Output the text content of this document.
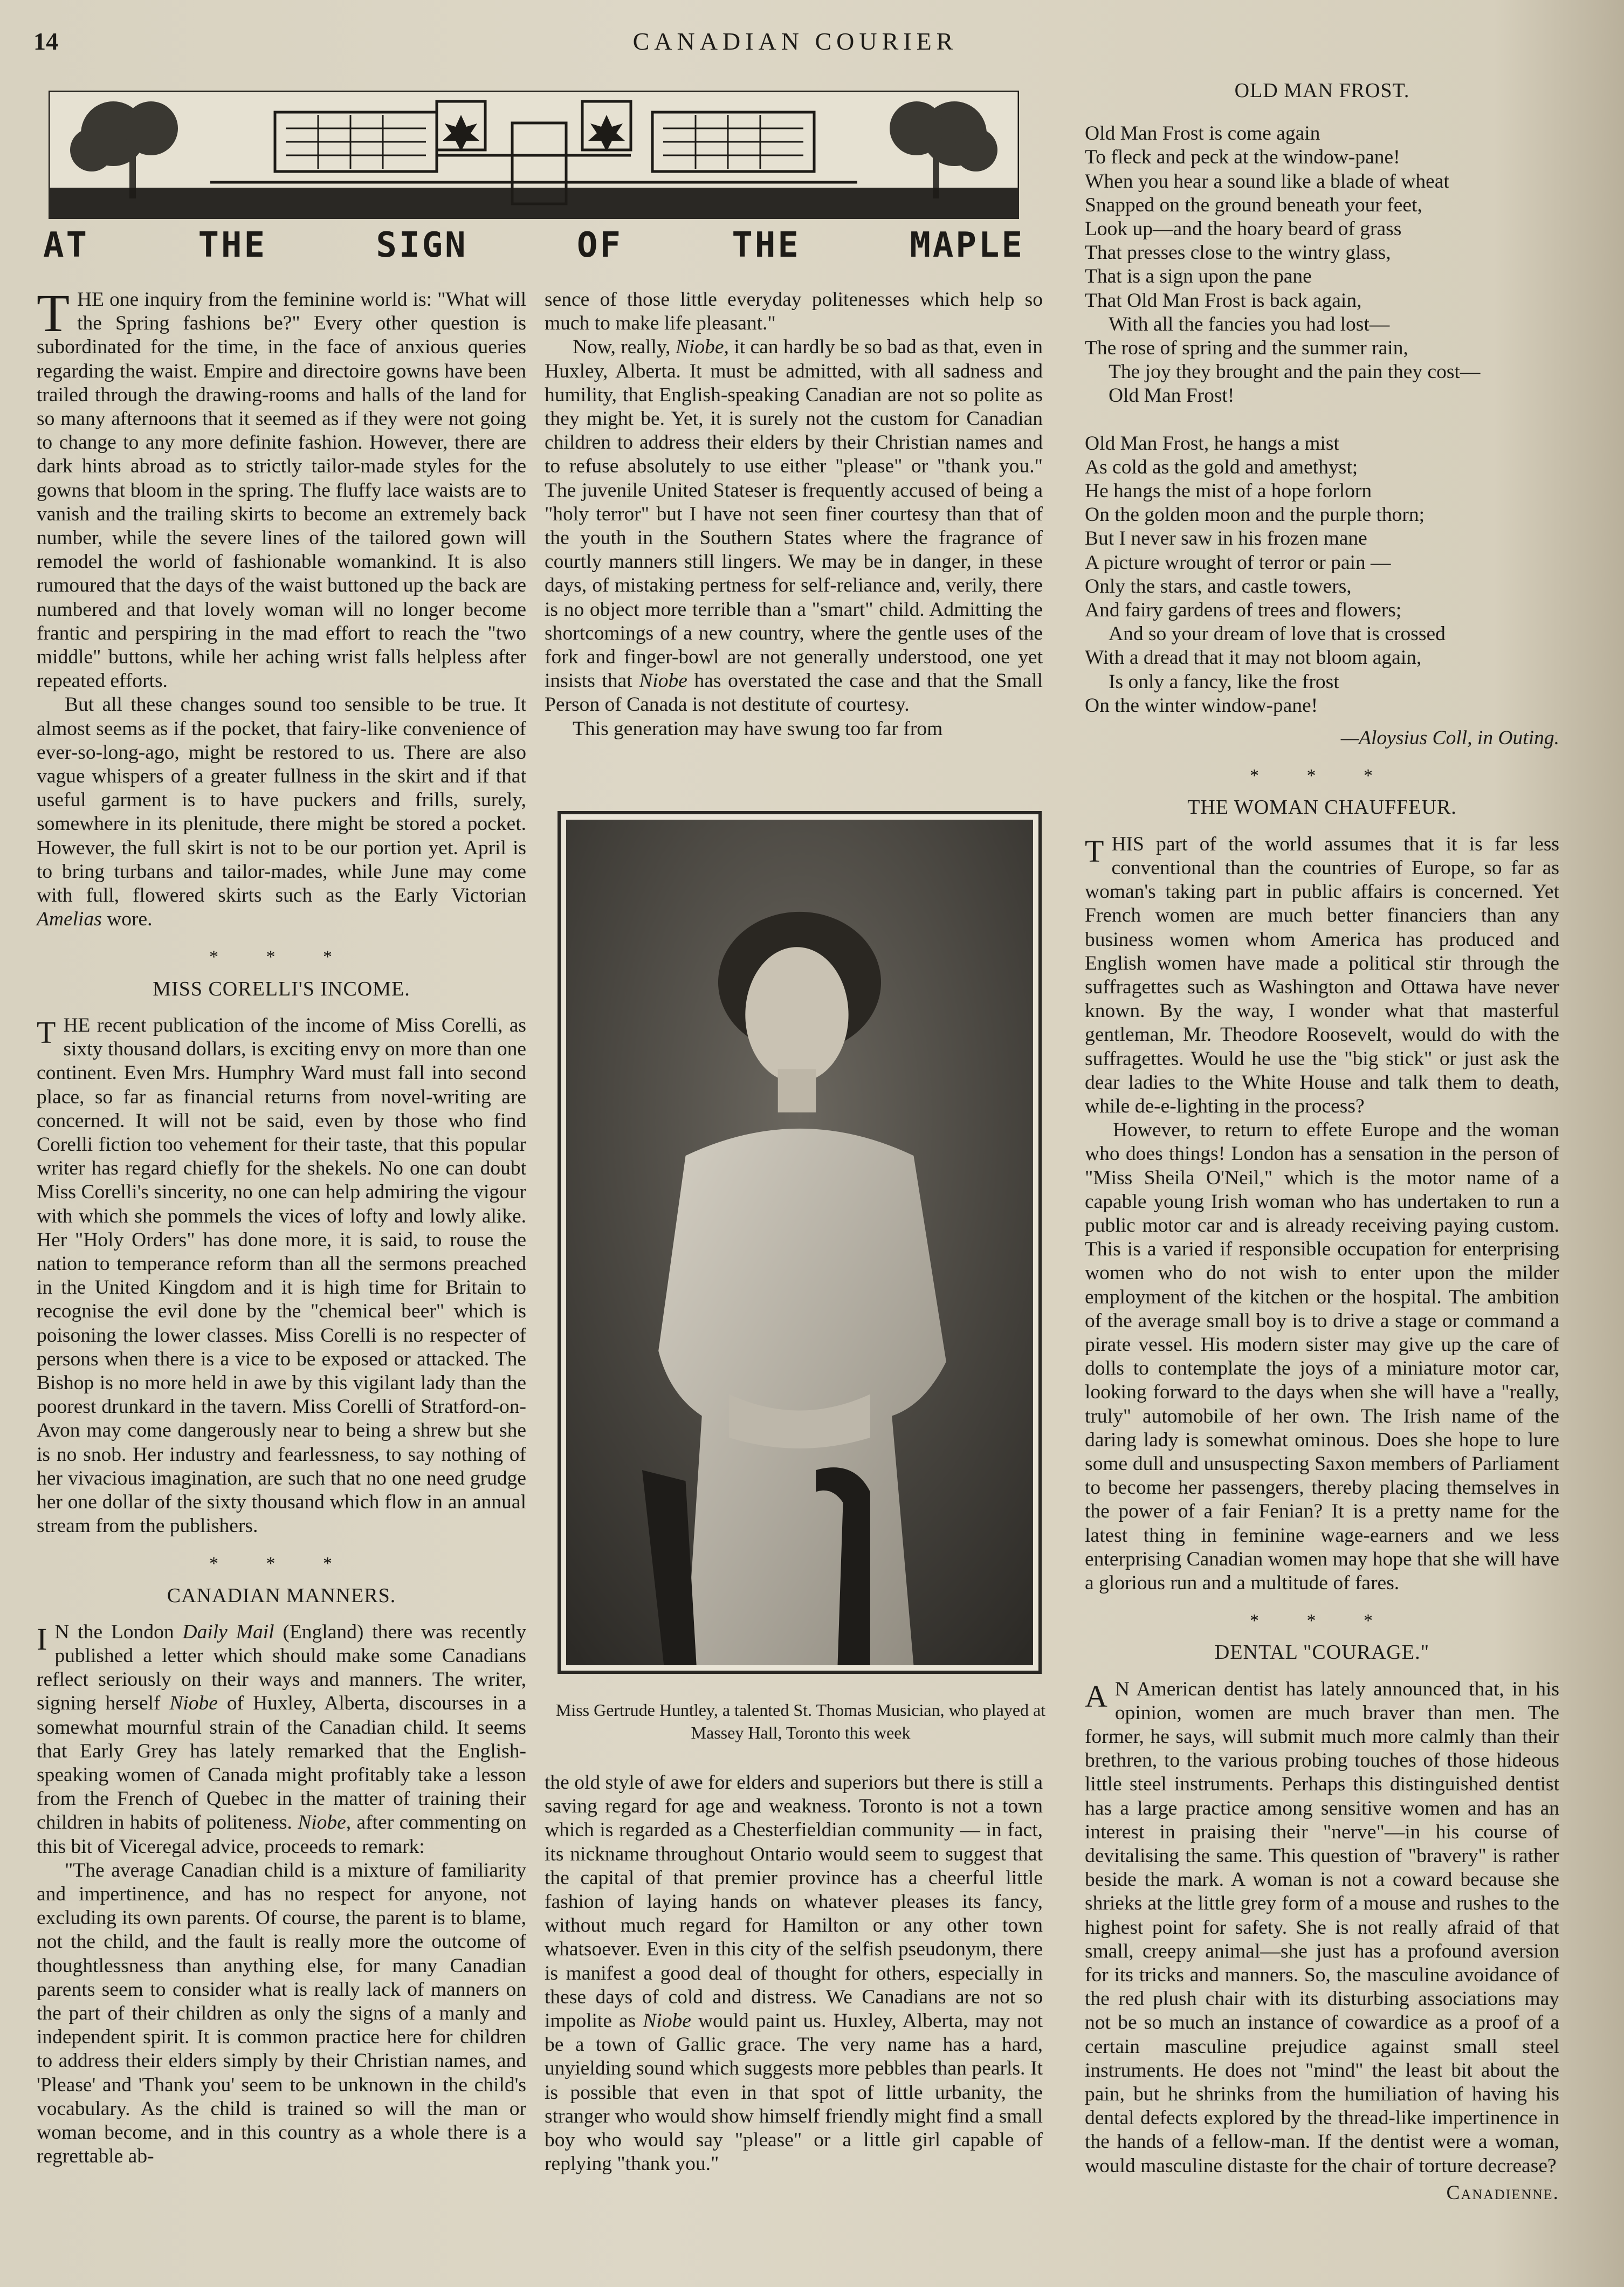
14	CANADIAN COURIER
AT	THE	SIGN	OF	THE	MAPLE

THE one inquiry from the feminine world is: "What will the Spring fashions be?" Every other question is subordinated for the time, in the face of anxious queries regarding the waist. Empire and directoire gowns have been trailed through the drawing-rooms and halls of the land for so many afternoons that it seemed as if they were not going to change to any more definite fashion. However, there are dark hints abroad as to strictly tailor-made styles for the gowns that bloom in the spring. The fluffy lace waists are to vanish and the trailing skirts to become an extremely back number, while the severe lines of the tailored gown will remodel the world of fashionable womankind. It is also rumoured that the days of the waist buttoned up the back are numbered and that lovely woman will no longer become frantic and perspiring in the mad effort to reach the "two middle" buttons, while her aching wrist falls helpless after repeated efforts.

But all these changes sound too sensible to be true. It almost seems as if the pocket, that fairy-like convenience of ever-so-long-ago, might be restored to us. There are also vague whispers of a greater fullness in the skirt and if that useful garment is to have puckers and frills, surely, somewhere in its plenitude, there might be stored a pocket. However, the full skirt is not to be our portion yet. April is to bring turbans and tailor-mades, while June may come with full, flowered skirts such as the Early Victorian Amelias wore.

* * *
MISS CORELLI'S INCOME.

THE recent publication of the income of Miss Corelli, as sixty thousand dollars, is exciting envy on more than one continent. Even Mrs. Humphry Ward must fall into second place, so far as financial returns from novel-writing are concerned. It will not be said, even by those who find Corelli fiction too vehement for their taste, that this popular writer has regard chiefly for the shekels. No one can doubt Miss Corelli's sincerity, no one can help admiring the vigour with which she pommels the vices of lofty and lowly alike. Her "Holy Orders" has done more, it is said, to rouse the nation to temperance reform than all the sermons preached in the United Kingdom and it is high time for Britain to recognise the evil done by the "chemical beer" which is poisoning the lower classes. Miss Corelli is no respecter of persons when there is a vice to be exposed or attacked. The Bishop is no more held in awe by this vigilant lady than the poorest drunkard in the tavern. Miss Corelli of Stratford-on-Avon may come dangerously near to being a shrew but she is no snob. Her industry and fearlessness, to say nothing of her vivacious imagination, are such that no one need grudge her one dollar of the sixty thousand which flow in an annual stream from the publishers.

* * *
CANADIAN MANNERS.

I N the London Daily Mail (England) there was recently published a letter which should make some Canadians reflect seriously on their ways and manners. The writer, signing herself Niobe of Huxley, Alberta, discourses in a somewhat mournful strain of the Canadian child. It seems that Early Grey has lately remarked that the English-speaking women of Canada might profitably take a lesson from the French of Quebec in the matter of training their children in habits of politeness. Niobe, after commenting on this bit of Viceregal advice, proceeds to remark:

"The average Canadian child is a mixture of familiarity and impertinence, and has no respect for anyone, not excluding its own parents. Of course, the parent is to blame, not the child, and the fault is really more the outcome of thoughtlessness than anything else, for many Canadian parents seem to consider what is really lack of manners on the part of their children as only the signs of a manly and independent spirit. It is common practice here for children to address their elders simply by their Christian names, and 'Please' and 'Thank you' seem to be unknown in the child's vocabulary. As the child is trained so will the man or woman become, and in this country as a whole there is a regrettable ab-

sence of those little everyday politenesses which help so much to make life pleasant."

Now, really, Niobe, it can hardly be so bad as that, even in Huxley, Alberta. It must be admitted, with all sadness and humility, that English-speaking Canadian are not so polite as they might be. Yet, it is surely not the custom for Canadian children to address their elders by their Christian names and to refuse absolutely to use either "please" or "thank you." The juvenile United Stateser is frequently accused of being a "holy terror" but I have not seen finer courtesy than that of the youth in the Southern States where the fragrance of courtly manners still lingers. We may be in danger, in these days, of mistaking pertness for self-reliance and, verily, there is no object more terrible than a "smart" child. Admitting the shortcomings of a new country, where the gentle uses of the fork and finger-bowl are not generally understood, one yet insists that Niobe has overstated the case and that the Small Person of Canada is not destitute of courtesy.

This generation may have swung too far from

Miss Gertrude Huntley, a talented St. Thomas Musician, who played at Massey Hall, Toronto this week

the old style of awe for elders and superiors but there is still a saving regard for age and weakness. Toronto is not a town which is regarded as a Chesterfieldian community — in fact, its nickname throughout Ontario would seem to suggest that the capital of that premier province has a cheerful little fashion of laying hands on whatever pleases its fancy, without much regard for Hamilton or any other town whatsoever. Even in this city of the selfish pseudonym, there is manifest a good deal of thought for others, especially in these days of cold and distress. We Canadians are not so impolite as Niobe would paint us. Huxley, Alberta, may not be a town of Gallic grace. The very name has a hard, unyielding sound which suggests more pebbles than pearls. It is possible that even in that spot of little urbanity, the stranger who would show himself friendly might find a small boy who would say "please" or a little girl capable of replying "thank you."

OLD MAN FROST.
Old Man Frost is come again
To fleck and peck at the window-pane!
When you hear a sound like a blade of wheat
Snapped on the ground beneath your feet,
Look up—and the hoary beard of grass
That presses close to the wintry glass,
That is a sign upon the pane
That Old Man Frost is back again,
With all the fancies you had lost—
The rose of spring and the summer rain,
The joy they brought and the pain they cost—
Old Man Frost!
Old Man Frost, he hangs a mist
As cold as the gold and amethyst;
He hangs the mist of a hope forlorn
On the golden moon and the purple thorn;
But I never saw in his frozen mane
A picture wrought of terror or pain —
Only the stars, and castle towers,
And fairy gardens of trees and flowers;
And so your dream of love that is crossed
With a dread that it may not bloom again,
Is only a fancy, like the frost
On the winter window-pane!
—Aloysius Coll, in Outing.
* * *
THE WOMAN CHAUFFEUR.

THIS part of the world assumes that it is far less conventional than the countries of Europe, so far as woman's taking part in public affairs is concerned. Yet French women are much better financiers than any business women whom America has produced and English women have made a political stir through the suffragettes such as Washington and Ottawa have never known. By the way, I wonder what that masterful gentleman, Mr. Theodore Roosevelt, would do with the suffragettes. Would he use the "big stick" or just ask the dear ladies to the White House and talk them to death, while de-e-lighting in the process?

However, to return to effete Europe and the woman who does things! London has a sensation in the person of "Miss Sheila O'Neil," which is the motor name of a capable young Irish woman who has undertaken to run a public motor car and is already receiving paying custom. This is a varied if responsible occupation for enterprising women who do not wish to enter upon the milder employment of the kitchen or the hospital. The ambition of the average small boy is to drive a stage or command a pirate vessel. His modern sister may give up the care of dolls to contemplate the joys of a miniature motor car, looking forward to the days when she will have a "really, truly" automobile of her own. The Irish name of the daring lady is somewhat ominous. Does she hope to lure some dull and unsuspecting Saxon members of Parliament to become her passengers, thereby placing themselves in the power of a fair Fenian? It is a pretty name for the latest thing in feminine wage-earners and we less enterprising Canadian women may hope that she will have a glorious run and a multitude of fares.

* * *
DENTAL "COURAGE."

A N American dentist has lately announced that, in his opinion, women are much braver than men. The former, he says, will submit much more calmly than their brethren, to the various probing touches of those hideous little steel instruments. Perhaps this distinguished dentist has a large practice among sensitive women and has an interest in praising their "nerve"—in his course of devitalising the same. This question of "bravery" is rather beside the mark. A woman is not a coward because she shrieks at the little grey form of a mouse and rushes to the highest point for safety. She is not really afraid of that small, creepy animal—she just has a profound aversion for its tricks and manners. So, the masculine avoidance of the red plush chair with its disturbing associations may not be so much an instance of cowardice as a proof of a certain masculine prejudice against small steel instruments. He does not "mind" the least bit about the pain, but he shrinks from the humiliation of having his dental defects explored by the thread-like impertinence in the hands of a fellow-man. If the dentist were a woman, would masculine distaste for the chair of torture decrease?

Canadienne.
